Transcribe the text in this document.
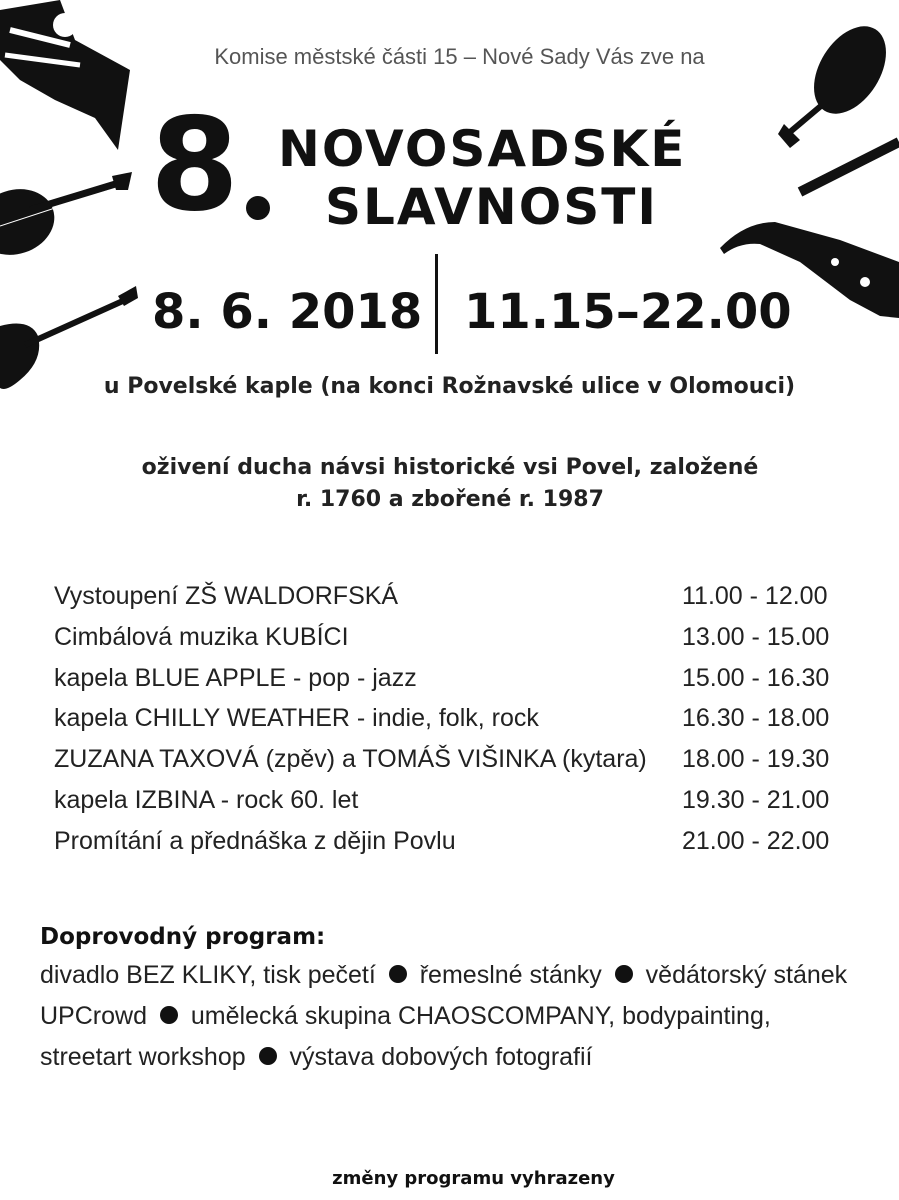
Komise městské části 15 – Nové Sady Vás zve na
8 NOVOSADSKÉ
SLAVNOSTI
8. 6. 2018 11.15–22.00
u Povelské kaple (na konci Rožnavské ulice v Olomouci)
oživení ducha návsi historické vsi Povel, založené
r. 1760 a zbořené r. 1987
Vystoupení ZŠ WALDORFSKÁ	11.00 - 12.00
Cimbálová muzika KUBÍCI	13.00 - 15.00
kapela BLUE APPLE - pop - jazz	15.00 - 16.30
kapela CHILLY WEATHER - indie, folk, rock	16.30 - 18.00
ZUZANA TAXOVÁ (zpěv) a TOMÁŠ VIŠINKA (kytara) 18.00 - 19.30
kapela IZBINA - rock 60. let	19.30 - 21.00
Promítání a přednáška z dějin Povlu	21.00 - 22.00
Doprovodný program:
divadlo BEZ KLIKY, tisk pečetí řemeslné stánky vědátorský stánek
UPCrowd umělecká skupina CHAOSCOMPANY, bodypainting,
streetart workshop výstava dobových fotografií
změny programu vyhrazeny
